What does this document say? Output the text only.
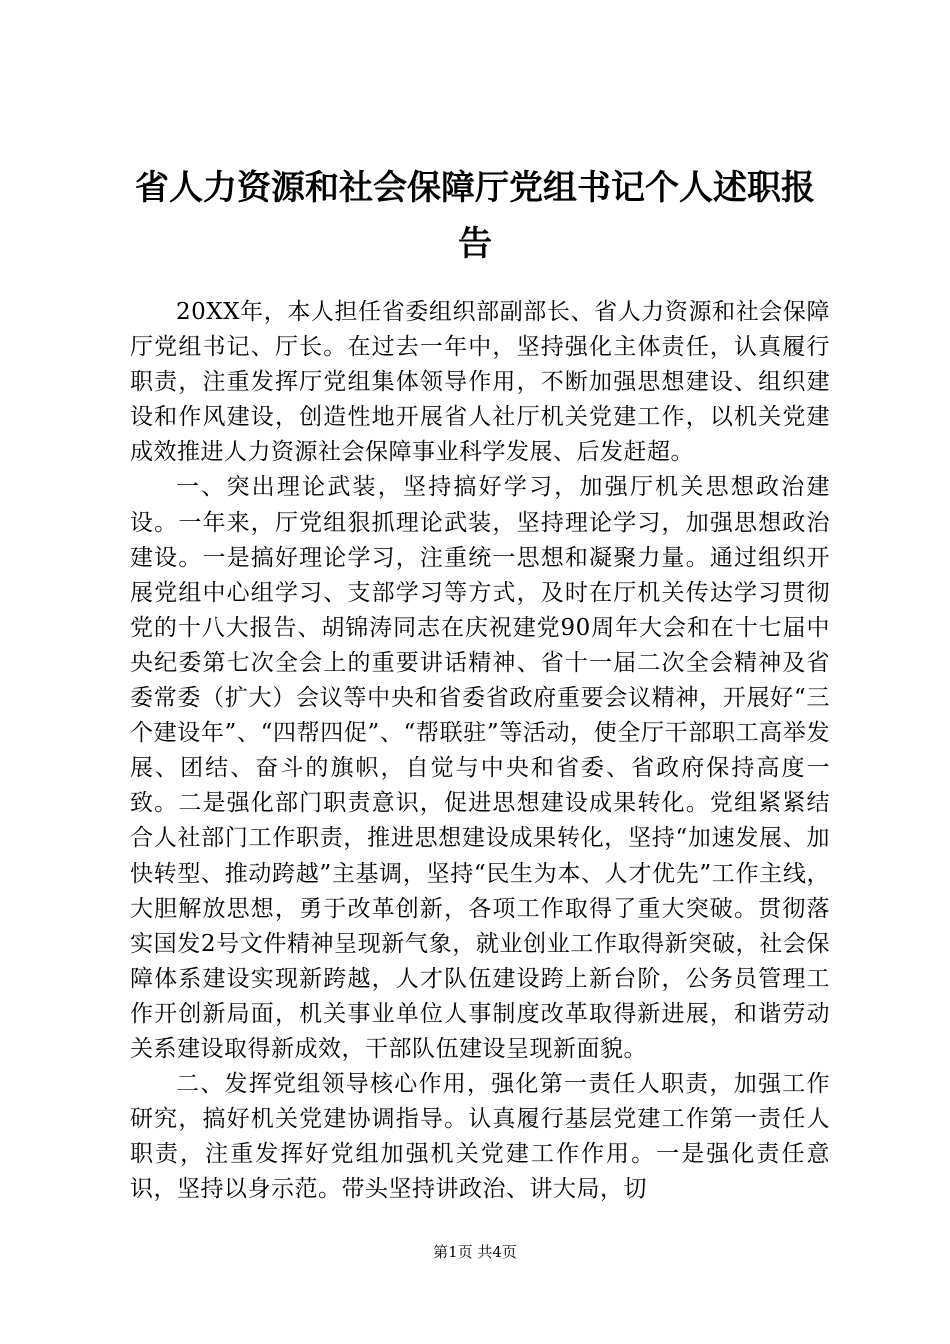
省人力资源和社会保障厅党组书记个人述职报告

20XX年，本人担任省委组织部副部长、省人力资源和社会保障厅党组书记、厅长。在过去一年中，坚持强化主体责任，认真履行职责，注重发挥厅党组集体领导作用，不断加强思想建设、组织建设和作风建设，创造性地开展省人社厅机关党建工作，以机关党建成效推进人力资源社会保障事业科学发展、后发赶超。

一、突出理论武装，坚持搞好学习，加强厅机关思想政治建设。一年来，厅党组狠抓理论武装，坚持理论学习，加强思想政治建设。一是搞好理论学习，注重统一思想和凝聚力量。通过组织开展党组中心组学习、支部学习等方式，及时在厅机关传达学习贯彻党的十八大报告、胡锦涛同志在庆祝建党90周年大会和在十七届中央纪委第七次全会上的重要讲话精神、省十一届二次全会精神及省委常委（扩大）会议等中央和省委省政府重要会议精神，开展好“三个建设年”、“四帮四促”、“帮联驻”等活动，使全厅干部职工高举发展、团结、奋斗的旗帜，自觉与中央和省委、省政府保持高度一致。二是强化部门职责意识，促进思想建设成果转化。党组紧紧结合人社部门工作职责，推进思想建设成果转化，坚持“加速发展、加快转型、推动跨越”主基调，坚持“民生为本、人才优先”工作主线，大胆解放思想，勇于改革创新，各项工作取得了重大突破。贯彻落实国发2号文件精神呈现新气象，就业创业工作取得新突破，社会保障体系建设实现新跨越，人才队伍建设跨上新台阶，公务员管理工作开创新局面，机关事业单位人事制度改革取得新进展，和谐劳动关系建设取得新成效，干部队伍建设呈现新面貌。

二、发挥党组领导核心作用，强化第一责任人职责，加强工作研究，搞好机关党建协调指导。认真履行基层党建工作第一责任人职责，注重发挥好党组加强机关党建工作作用。一是强化责任意识，坚持以身示范。带头坚持讲政治、讲大局，切

第1页 共4页
